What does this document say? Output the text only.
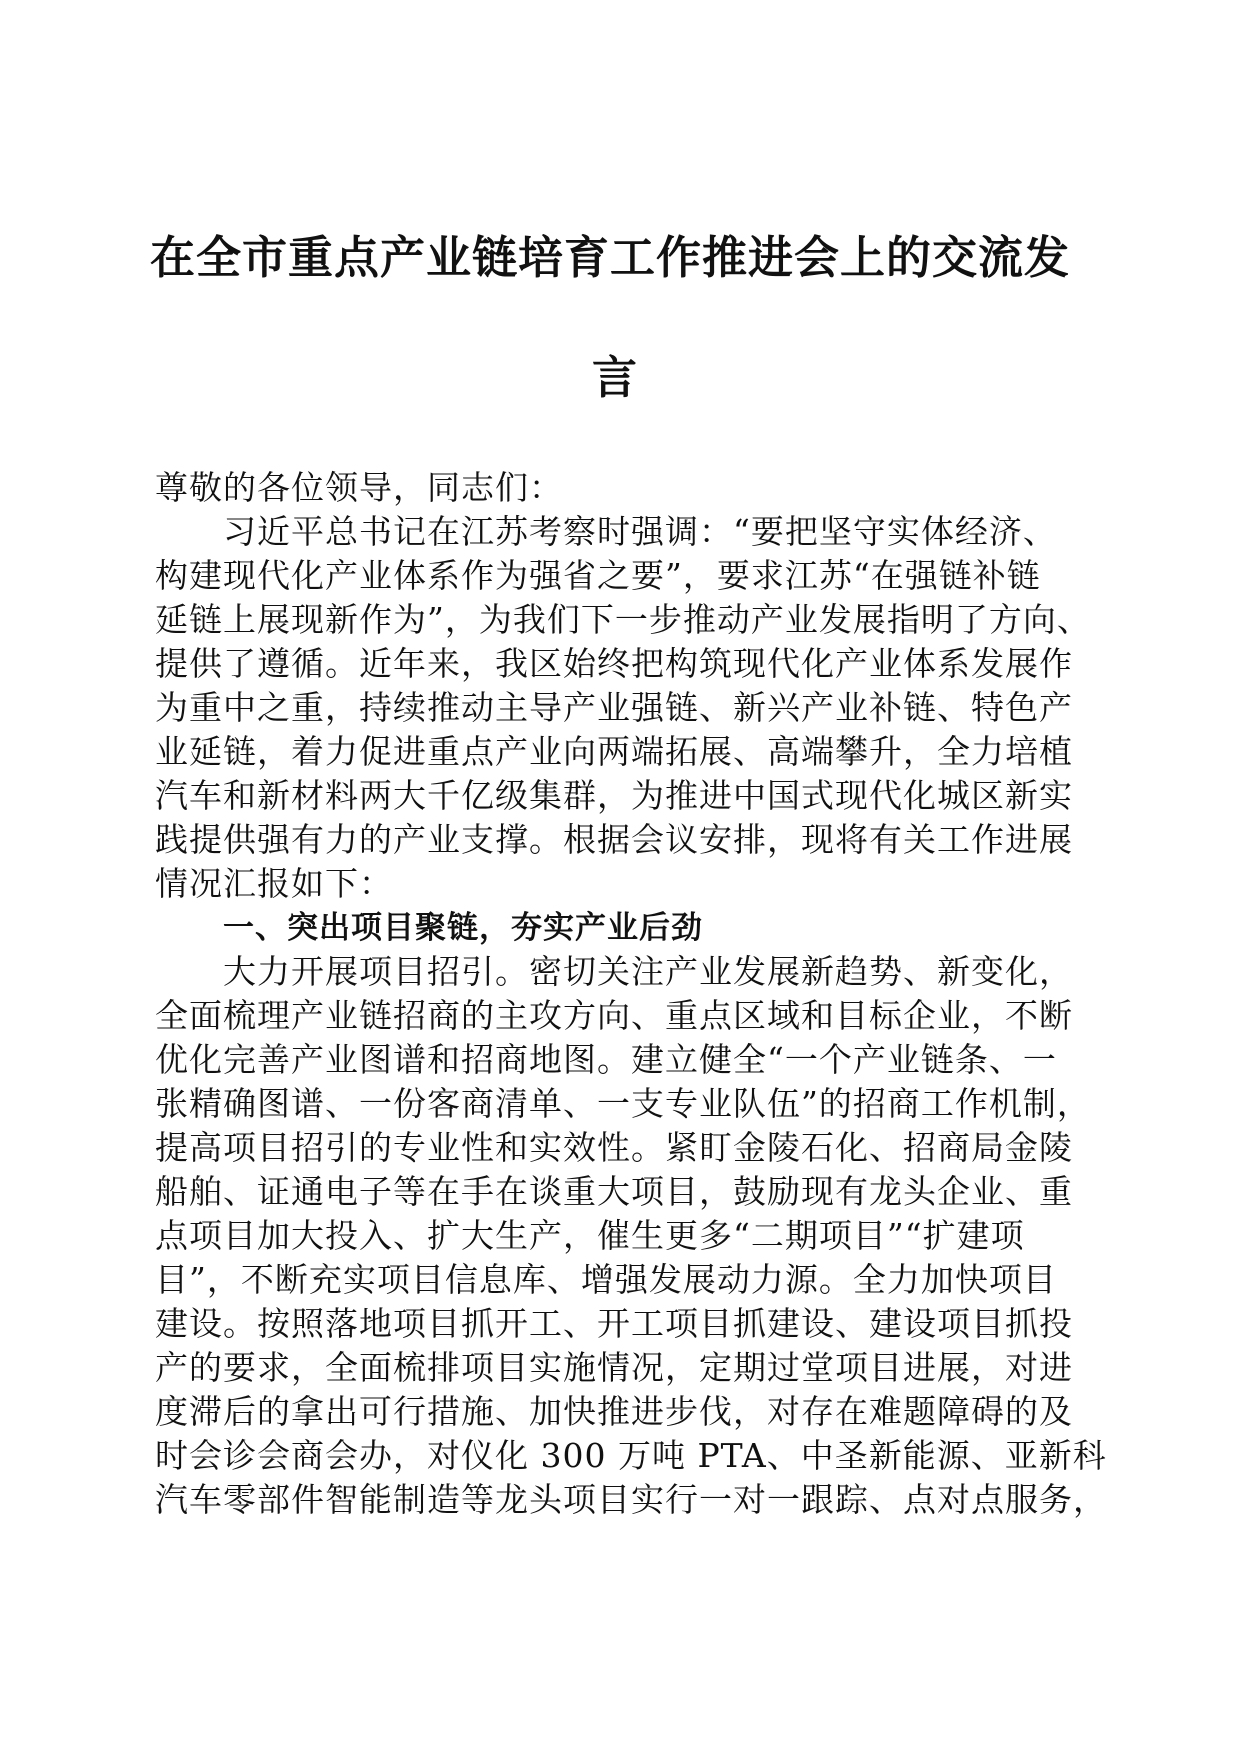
在全市重点产业链培育工作推进会上的交流发
言
尊敬的各位领导，同志们：
习近平总书记在江苏考察时强调：“要把坚守实体经济、
构建现代化产业体系作为强省之要”，要求江苏“在强链补链
延链上展现新作为”，为我们下一步推动产业发展指明了方向、
提供了遵循。近年来，我区始终把构筑现代化产业体系发展作
为重中之重，持续推动主导产业强链、新兴产业补链、特色产
业延链，着力促进重点产业向两端拓展、高端攀升，全力培植
汽车和新材料两大千亿级集群，为推进中国式现代化城区新实
践提供强有力的产业支撑。根据会议安排，现将有关工作进展
情况汇报如下：
一、突出项目聚链，夯实产业后劲
大力开展项目招引。密切关注产业发展新趋势、新变化，
全面梳理产业链招商的主攻方向、重点区域和目标企业，不断
优化完善产业图谱和招商地图。建立健全“一个产业链条、一
张精确图谱、一份客商清单、一支专业队伍”的招商工作机制，
提高项目招引的专业性和实效性。紧盯金陵石化、招商局金陵
船舶、证通电子等在手在谈重大项目，鼓励现有龙头企业、重
点项目加大投入、扩大生产，催生更多“二期项目”“扩建项
目”，不断充实项目信息库、增强发展动力源。全力加快项目
建设。按照落地项目抓开工、开工项目抓建设、建设项目抓投
产的要求，全面梳排项目实施情况，定期过堂项目进展，对进
度滞后的拿出可行措施、加快推进步伐，对存在难题障碍的及
时会诊会商会办，对仪化 300 万吨 PTA、中圣新能源、亚新科
汽车零部件智能制造等龙头项目实行一对一跟踪、点对点服务，
